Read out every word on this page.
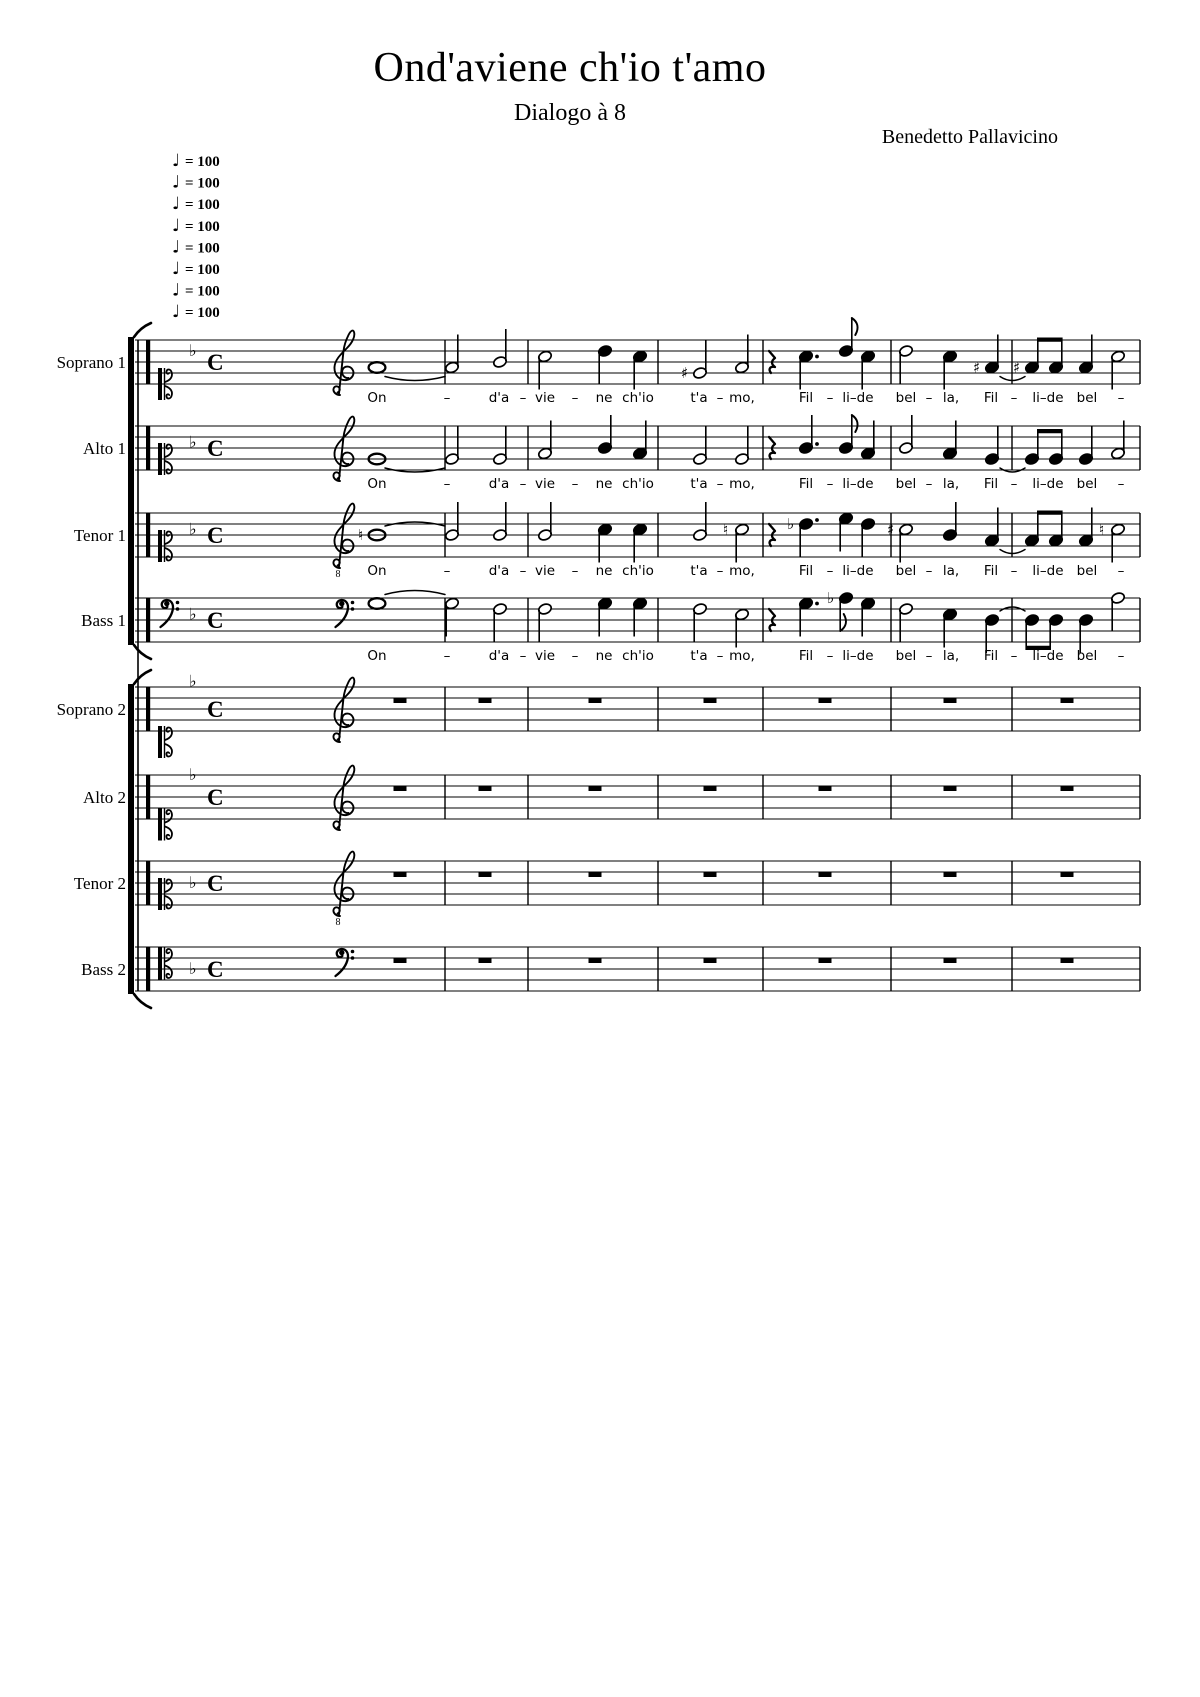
Ond'aviene ch'io t'amo
Dialogo à 8
Benedetto Pallavicino
♩ = 100
♩ = 100
♩ = 100
♩ = 100
♩ = 100
♩ = 100
♩ = 100
♩ = 100
Soprano 1
♭ C	♯	♯ ♯
On	–	d'a – vie – ne ch'io	t'a – mo,	Fil – li–de bel – la, Fil – li–de bel –
Alto 1	♭ C
On	–	d'a – vie – ne ch'io	t'a – mo,	Fil – li–de bel – la, Fil – li–de bel –
Tenor 1	♭ C
8
♮	♮	♭	♯	♮
On	–	d'a – vie – ne ch'io	t'a – mo,	Fil – li–de bel – la, Fil – li–de bel –
Bass 1	♭ C
♭
On	–	d'a – vie – ne ch'io	t'a – mo,	Fil – li–de bel – la, Fil – li–de bel –
Soprano 2
♭
C
Alto 2
♭
C
Tenor 2	♭ C
8
Bass 2	♭ C
